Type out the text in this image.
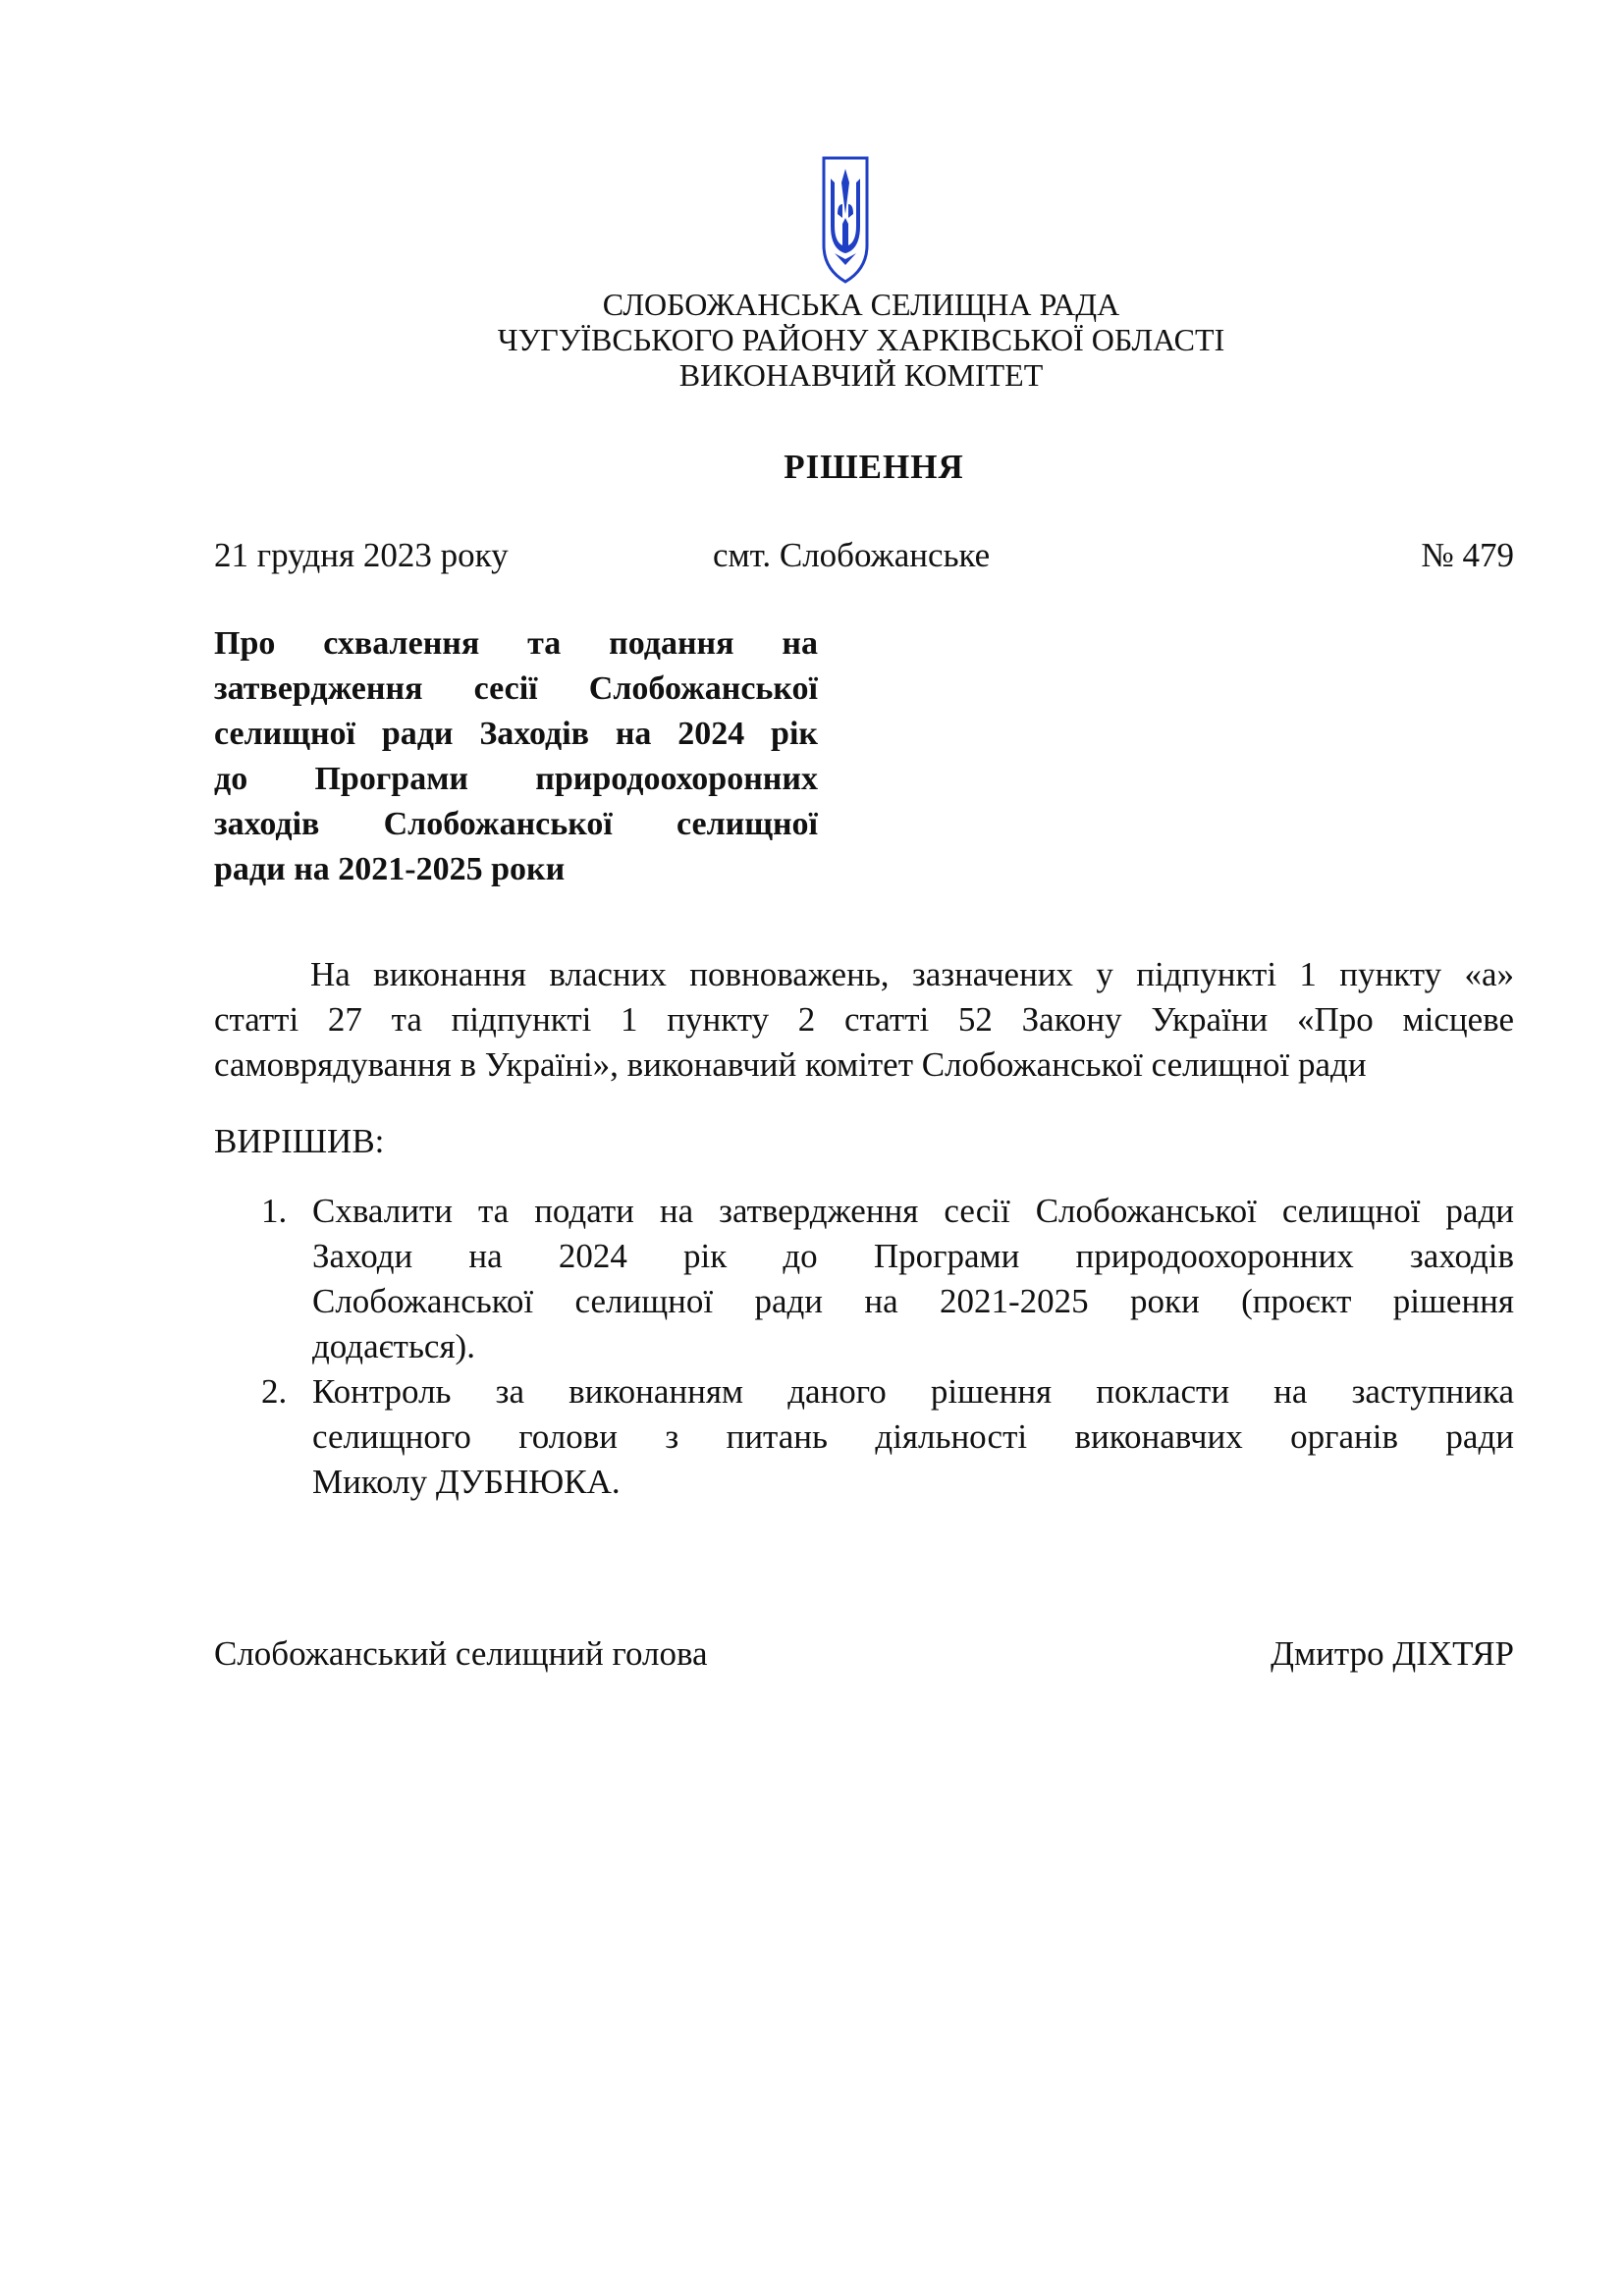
СЛОБОЖАНСЬКА СЕЛИЩНА РАДА
ЧУГУЇВСЬКОГО РАЙОНУ ХАРКІВСЬКОЇ ОБЛАСТІ
ВИКОНАВЧИЙ КОМІТЕТ
РІШЕННЯ
21 грудня 2023 року	смт. Слобожанське	№ 479
Про схвалення та подання на
затвердження сесії Слобожанської
селищної ради Заходів на 2024 рік
до Програми природоохоронних
заходів Слобожанської селищної
ради на 2021-2025 роки
На виконання власних повноважень, зазначених у підпункті 1 пункту «а»
статті 27 та підпункті 1 пункту 2 статті 52 Закону України «Про місцеве
самоврядування в Україні», виконавчий комітет Слобожанської селищної ради
ВИРІШИВ:
1. Схвалити та подати на затвердження сесії Слобожанської селищної ради
Заходи на 2024 рік до Програми природоохоронних заходів
Слобожанської селищної ради на 2021-2025 роки (проєкт рішення
додається).
2. Контроль за виконанням даного рішення покласти на заступника
селищного голови з питань діяльності виконавчих органів ради
Миколу ДУБНЮКА.
Слобожанський селищний голова	Дмитро ДІХТЯР
